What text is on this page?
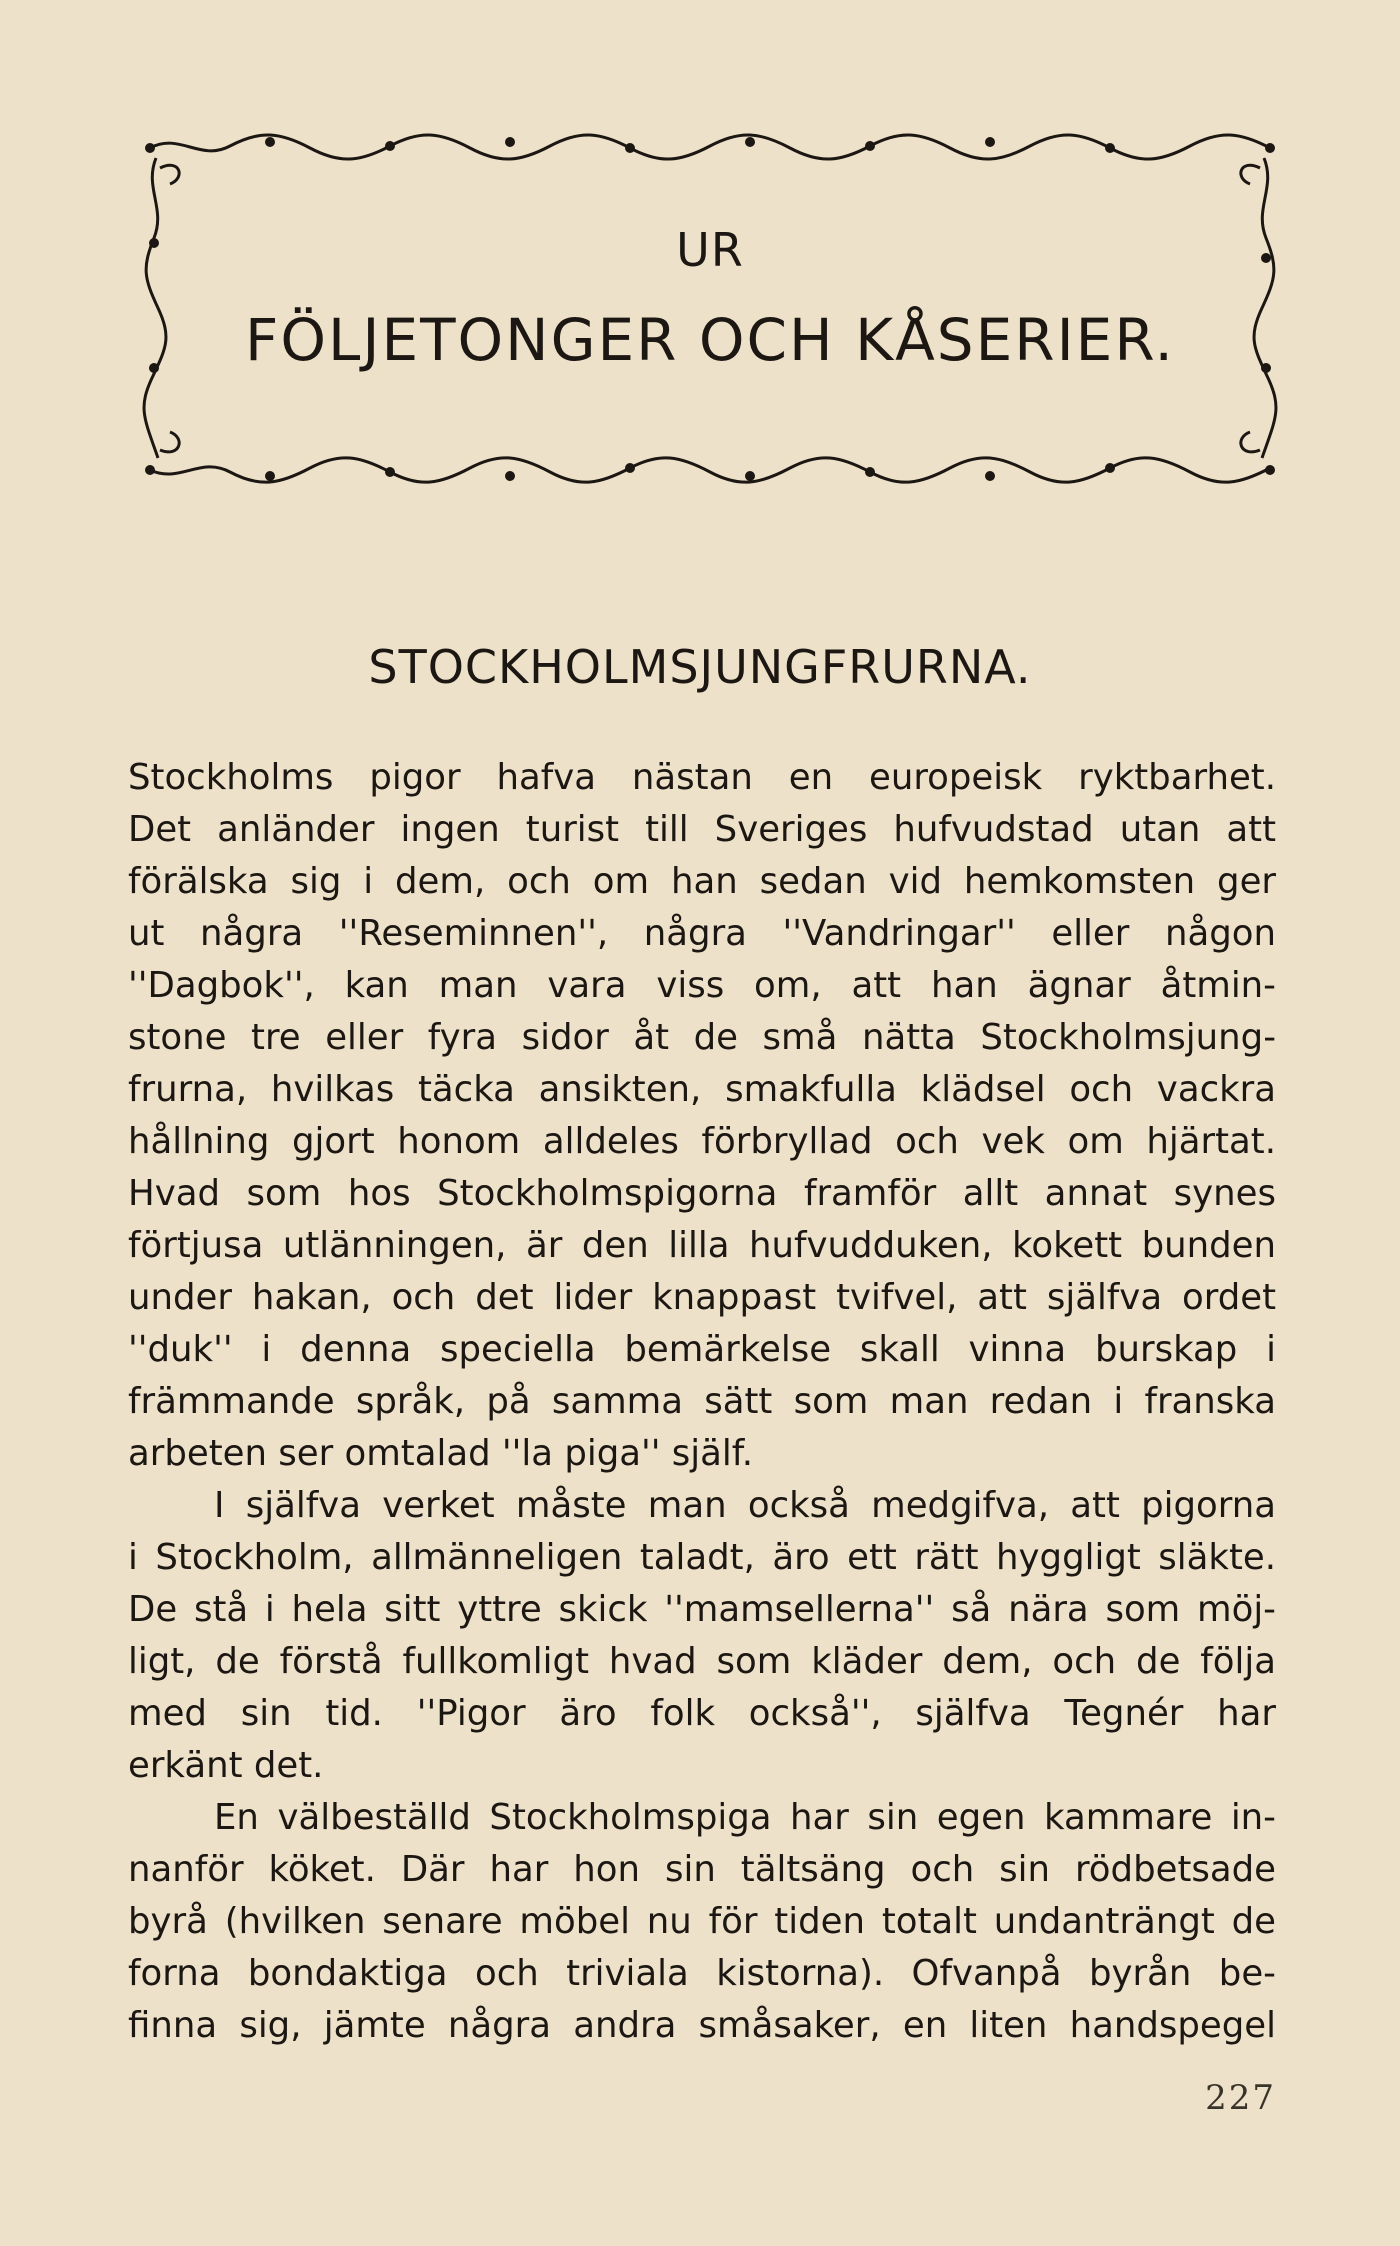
UR
FÖLJETONGER OCH KÅSERIER.
STOCKHOLMSJUNGFRURNA.
Stockholms pigor hafva nästan en europeisk ryktbarhet.
Det anländer ingen turist till Sveriges hufvudstad utan att
förälska sig i dem, och om han sedan vid hemkomsten ger
ut några ''Reseminnen'', några ''Vandringar'' eller någon
''Dagbok'', kan man vara viss om, att han ägnar åtmin-
stone tre eller fyra sidor åt de små nätta Stockholmsjung-
frurna, hvilkas täcka ansikten, smakfulla klädsel och vackra
hållning gjort honom alldeles förbryllad och vek om hjärtat.
Hvad som hos Stockholmspigorna framför allt annat synes
förtjusa utlänningen, är den lilla hufvudduken, kokett bunden
under hakan, och det lider knappast tvifvel, att själfva ordet
''duk'' i denna speciella bemärkelse skall vinna burskap i
främmande språk, på samma sätt som man redan i franska
arbeten ser omtalad ''la piga'' själf.
I själfva verket måste man också medgifva, att pigorna
i Stockholm, allmänneligen taladt, äro ett rätt hyggligt släkte.
De stå i hela sitt yttre skick ''mamsellerna'' så nära som möj-
ligt, de förstå fullkomligt hvad som kläder dem, och de följa
med sin tid. ''Pigor äro folk också'', själfva Tegnér har
erkänt det.
En välbeställd Stockholmspiga har sin egen kammare in-
nanför köket. Där har hon sin tältsäng och sin rödbetsade
byrå (hvilken senare möbel nu för tiden totalt undanträngt de
forna bondaktiga och triviala kistorna). Ofvanpå byrån be-
finna sig, jämte några andra småsaker, en liten handspegel
227
